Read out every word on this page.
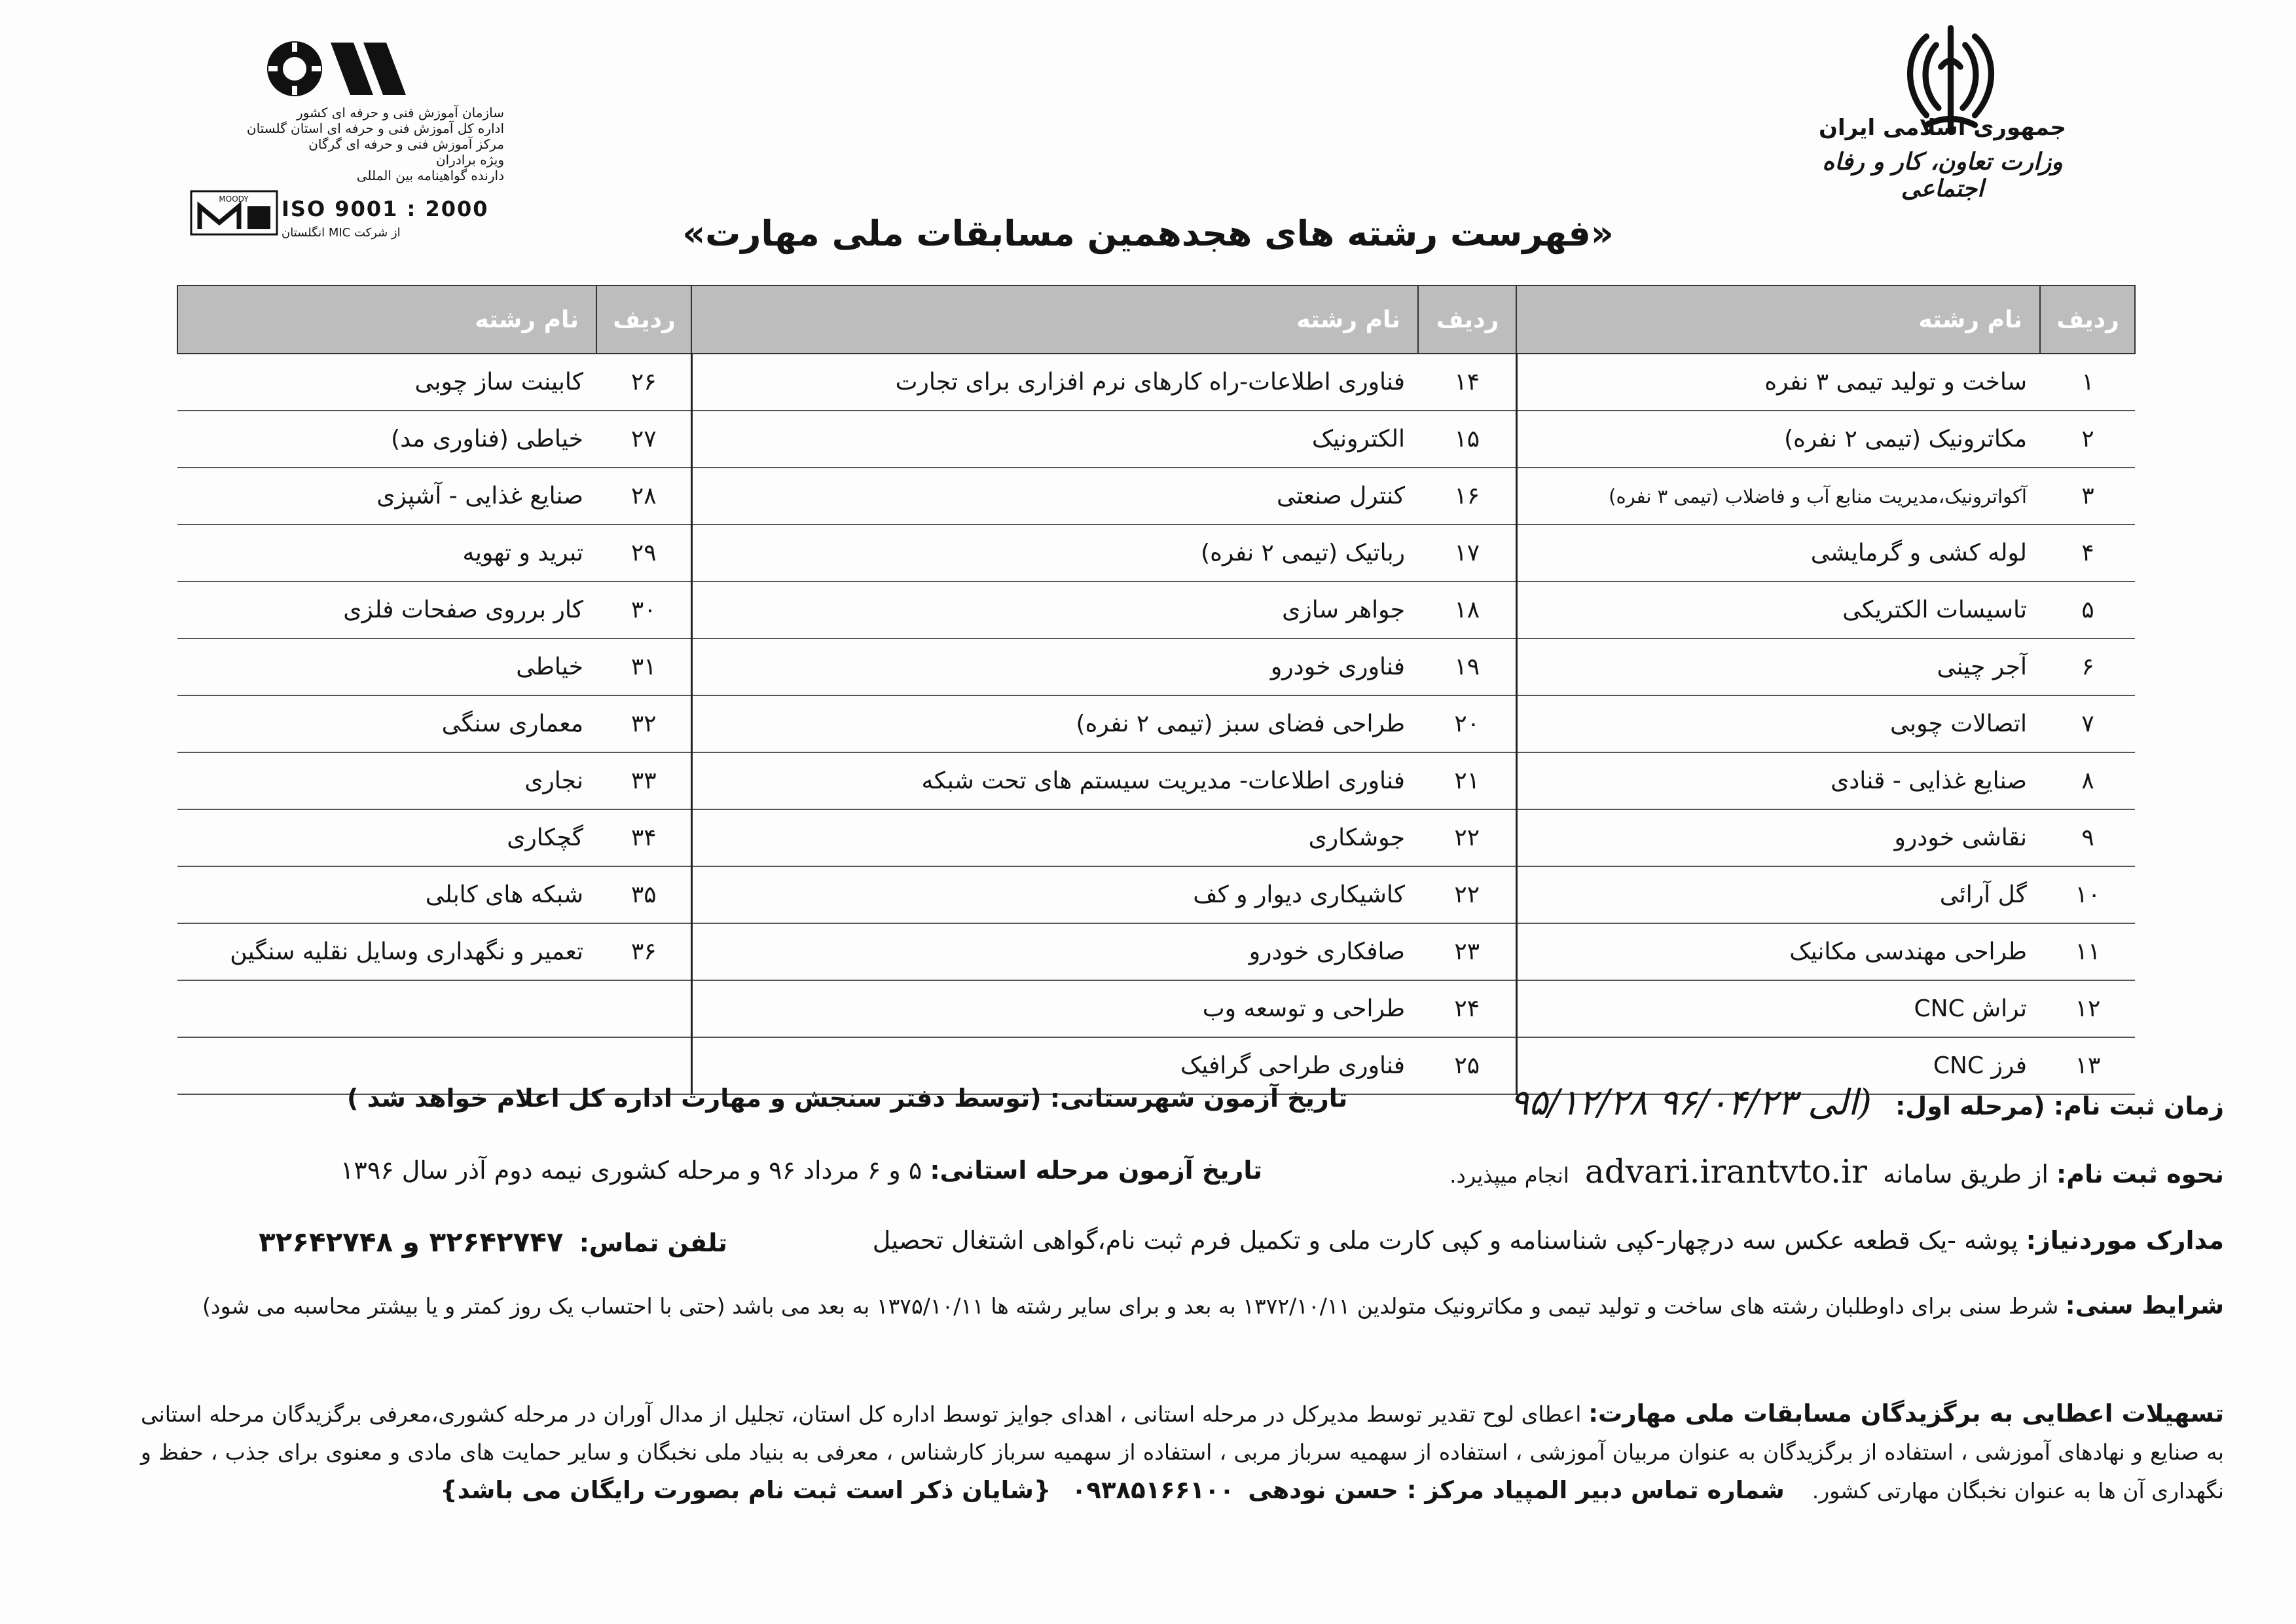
جمهوری اسلامی ایران
وزارت تعاون، کار و رفاه اجتماعی
سازمان آموزش فنی و حرفه ای کشور
اداره کل آموزش فنی و حرفه ای استان گلستان
مرکز آموزش فنی و حرفه ای گرگان
ویژه برادران
دارنده گواهینامه بین المللی
MOODY ISO 9001 : 2000
از شرکت MIC انگلستان	«فهرست رشته های هجدهمین مسابقات ملی مهارت»
ردیف	نام رشته	ردیف	نام رشته	ردیف	نام رشته
۱	ساخت و تولید تیمی ۳ نفره	۱۴	فناوری اطلاعات-راه کارهای نرم افزاری برای تجارت	۲۶	کابینت ساز چوبی
۲	مکاترونیک (تیمی ۲ نفره)	۱۵	الکترونیک	۲۷	خیاطی (فناوری مد)
۳	آکواترونیک،مدیریت منابع آب و فاضلاب (تیمی ۳ نفره)	۱۶	کنترل صنعتی	۲۸	صنایع غذایی - آشپزی
۴	لوله کشی و گرمایشی	۱۷	رباتیک (تیمی ۲ نفره)	۲۹	تبرید و تهویه
۵	تاسیسات الکتریکی	۱۸	جواهر سازی	۳۰	کار برروی صفحات فلزی
۶	آجر چینی	۱۹	فناوری خودرو	۳۱	خیاطی
۷	اتصالات چوبی	۲۰	طراحی فضای سبز (تیمی ۲ نفره)	۳۲	معماری سنگی
۸	صنایع غذایی - قنادی	۲۱	فناوری اطلاعات- مدیریت سیستم های تحت شبکه	۳۳	نجاری
۹	نقاشی خودرو	۲۲	جوشکاری	۳۴	گچکاری
۱۰	گل آرائی	۲۲	کاشیکاری دیوار و کف	۳۵	شبکه های کابلی
۱۱	طراحی مهندسی مکانیک	۲۳	صافکاری خودرو	۳۶	تعمیر و نگهداری وسایل نقلیه سنگین
۱۲	تراش CNC	۲۴	طراحی و توسعه وب		
۱۳	فرز CNC	۲۵	فناوری طراحی گرافیک		
زمان ثبت نام: (مرحله اول:   ۹۵/۱۲/۲۸ الی ۹۶/۰۴/۲۳)
تاریخ آزمون شهرستانی: (توسط دفتر سنجش و مهارت اداره کل اعلام خواهد شد )
نحوه ثبت نام: از طریق سامانه  advari.irantvto.ir  انجام میپذیرد.
تاریخ آزمون مرحله استانی: ۵ و ۶ مرداد ۹۶ و مرحله کشوری نیمه دوم آذر سال ۱۳۹۶
مدارک موردنیاز: پوشه -یک قطعه عکس سه درچهار-کپی شناسنامه و کپی کارت ملی و تکمیل فرم ثبت نام،گواهی اشتغال تحصیل
تلفن تماس:  ۳۲۶۴۲۷۴۷ و ۳۲۶۴۲۷۴۸
شرایط سنی: شرط سنی برای داوطلبان رشته های ساخت و تولید تیمی و مکاترونیک متولدین ۱۳۷۲/۱۰/۱۱ به بعد و برای سایر رشته ها ۱۳۷۵/۱۰/۱۱ به بعد می باشد (حتی با احتساب یک روز کمتر و یا بیشتر محاسبه می شود)
تسهیلات اعطایی به برگزیدگان مسابقات ملی مهارت: اعطای لوح تقدیر توسط مدیرکل در مرحله استانی ، اهدای جوایز توسط اداره کل استان، تجلیل از مدال آوران در مرحله کشوری،معرفی برگزیدگان مرحله استانی به صنایع و نهادهای آموزشی ، استفاده از برگزیدگان به عنوان مربیان آموزشی ، استفاده از سهمیه سرباز مربی ، استفاده از سهمیه سرباز کارشناس ، معرفی به بنیاد ملی نخبگان و سایر حمایت های مادی و معنوی برای جذب ، حفظ و نگهداری آن ها به عنوان نخبگان مهارتی کشور.    شماره تماس دبیر المپیاد مرکز : حسن نودهی  ۰۹۳۸۵۱۶۶۱۰۰   {شایان ذکر است ثبت نام بصورت رایگان می باشد}
